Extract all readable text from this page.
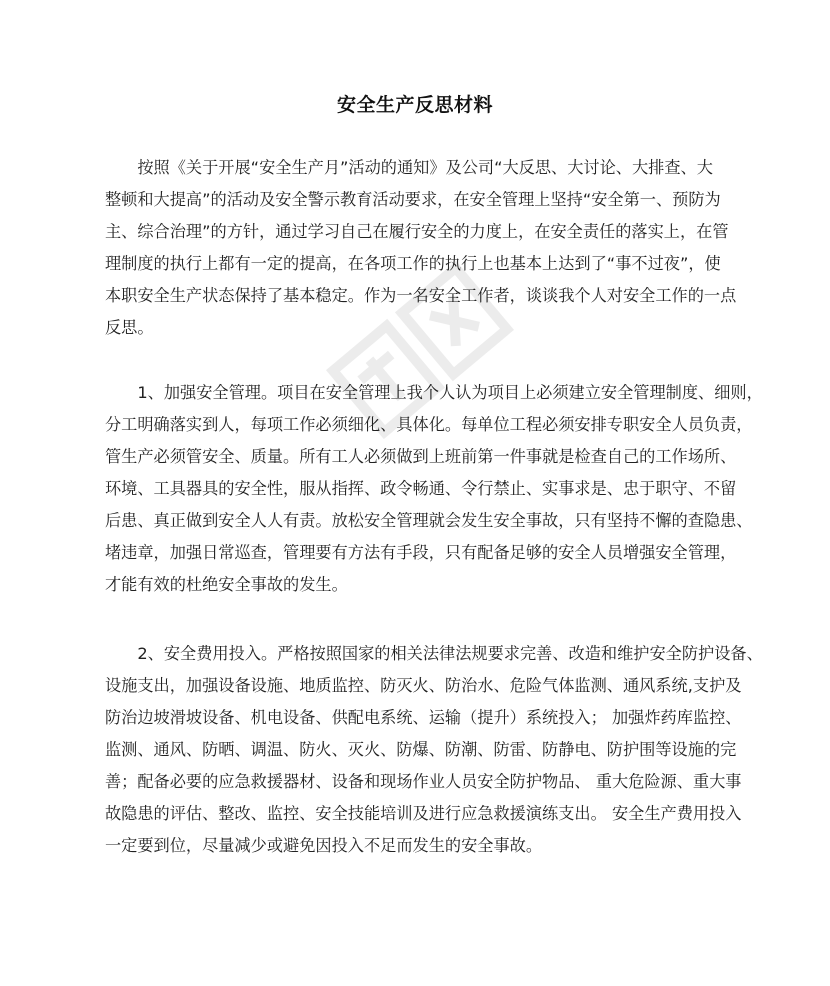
安全生产反思材料
　　按照《关于开展“安全生产月”活动的通知》及公司“大反思、大讨论、大排查、大
整顿和大提高”的活动及安全警示教育活动要求，在安全管理上坚持“安全第一、预防为
主、综合治理”的方针，通过学习自己在履行安全的力度上，在安全责任的落实上，在管
理制度的执行上都有一定的提高，在各项工作的执行上也基本上达到了“事不过夜”，使
本职安全生产状态保持了基本稳定。作为一名安全工作者，谈谈我个人对安全工作的一点
反思。
　　1、加强安全管理。项目在安全管理上我个人认为项目上必须建立安全管理制度、细则，
分工明确落实到人，每项工作必须细化、具体化。每单位工程必须安排专职安全人员负责，
管生产必须管安全、质量。所有工人必须做到上班前第一件事就是检查自己的工作场所、
环境、工具器具的安全性，服从指挥、政令畅通、令行禁止、实事求是、忠于职守、不留
后患、真正做到安全人人有责。放松安全管理就会发生安全事故，只有坚持不懈的查隐患、
堵违章，加强日常巡查，管理要有方法有手段，只有配备足够的安全人员增强安全管理，
才能有效的杜绝安全事故的发生。
　　2、安全费用投入。严格按照国家的相关法律法规要求完善、改造和维护安全防护设备、
设施支出，加强设备设施、地质监控、防灭火、防治水、危险气体监测、通风系统,支护及
防治边坡滑坡设备、机电设备、供配电系统、运输（提升）系统投入； 加强炸药库监控、
监测、通风、防晒、调温、防火、灭火、防爆、防潮、防雷、防静电、防护围等设施的完
善；配备必要的应急救援器材、设备和现场作业人员安全防护物品、 重大危险源、重大事
故隐患的评估、整改、监控、安全技能培训及进行应急救援演练支出。 安全生产费用投入
一定要到位，尽量减少或避免因投入不足而发生的安全事故。
